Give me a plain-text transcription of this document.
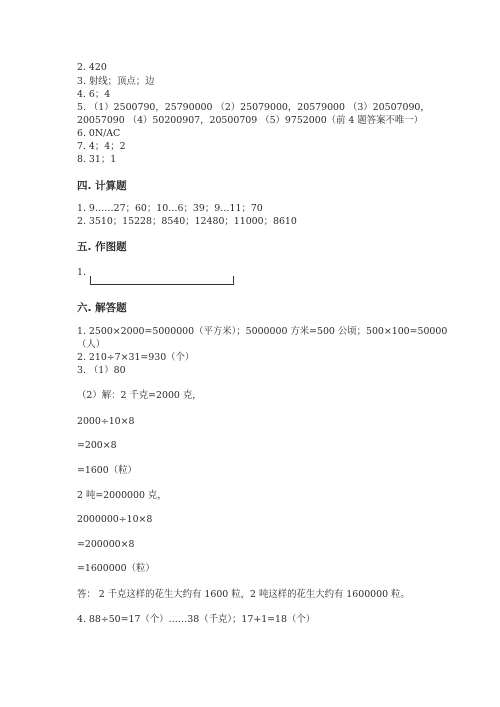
2. 420
3. 射线；顶点；边
4. 6；4
5. （1）2500790，25790000 （2）25079000，20579000 （3）20507090，
20057090 （4）50200907，20500709 （5）9752000（前 4 题答案不唯一）
6. 0N/AC
7. 4；4；2
8. 31；1
四. 计算题
1. 9……27；60；10…6；39；9…11；70
2. 3510；15228；8540；12480；11000；8610
五. 作图题
1.
六. 解答题
1. 2500×2000=5000000（平方米）；5000000 方米=500 公顷；500×100=50000
（人）
2. 210÷7×31=930（个）
3. （1）80
（2）解：2 千克=2000 克，
2000÷10×8
=200×8
=1600（粒）
2 吨=2000000 克，
2000000÷10×8
=200000×8
=1600000（粒）
答： 2 千克这样的花生大约有 1600 粒，2 吨这样的花生大约有 1600000 粒。
4. 88÷50=17（个）……38（千克）；17+1=18（个）
